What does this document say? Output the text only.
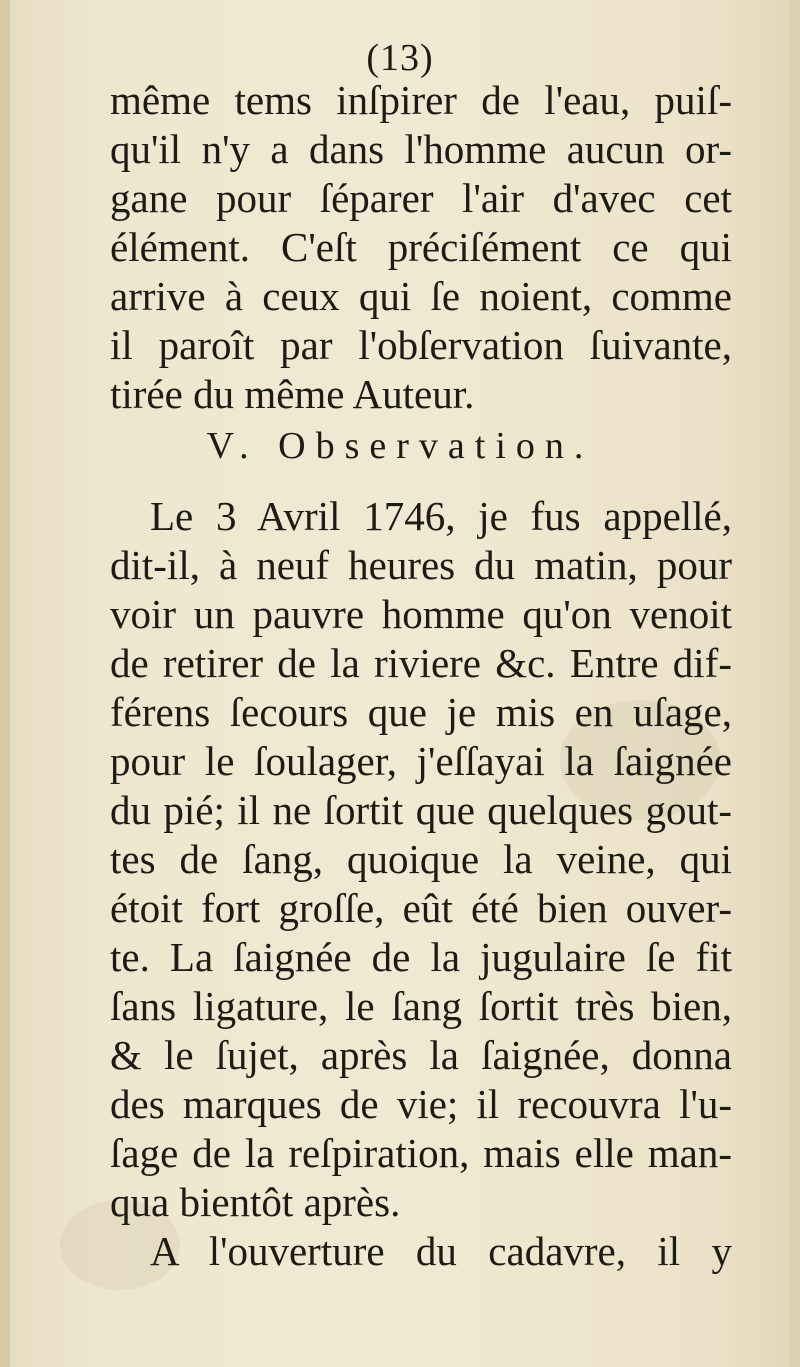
(13)
même tems inſpirer de l'eau, puiſ-
qu'il n'y a dans l'homme aucun or-
gane pour ſéparer l'air d'avec cet
élément. C'eſt préciſément ce qui
arrive à ceux qui ſe noient, comme
il paroît par l'obſervation ſuivante,
tirée du même Auteur.
V. Observation.
Le 3 Avril 1746, je fus appellé,
dit-il, à neuf heures du matin, pour
voir un pauvre homme qu'on venoit
de retirer de la riviere &c. Entre dif-
férens ſecours que je mis en uſage,
pour le ſoulager, j'eſſayai la ſaignée
du pié; il ne ſortit que quelques gout-
tes de ſang, quoique la veine, qui
étoit fort groſſe, eût été bien ouver-
te. La ſaignée de la jugulaire ſe fit
ſans ligature, le ſang ſortit très bien,
& le ſujet, après la ſaignée, donna
des marques de vie; il recouvra l'u-
ſage de la reſpiration, mais elle man-
qua bientôt après.
A l'ouverture du cadavre, il y
